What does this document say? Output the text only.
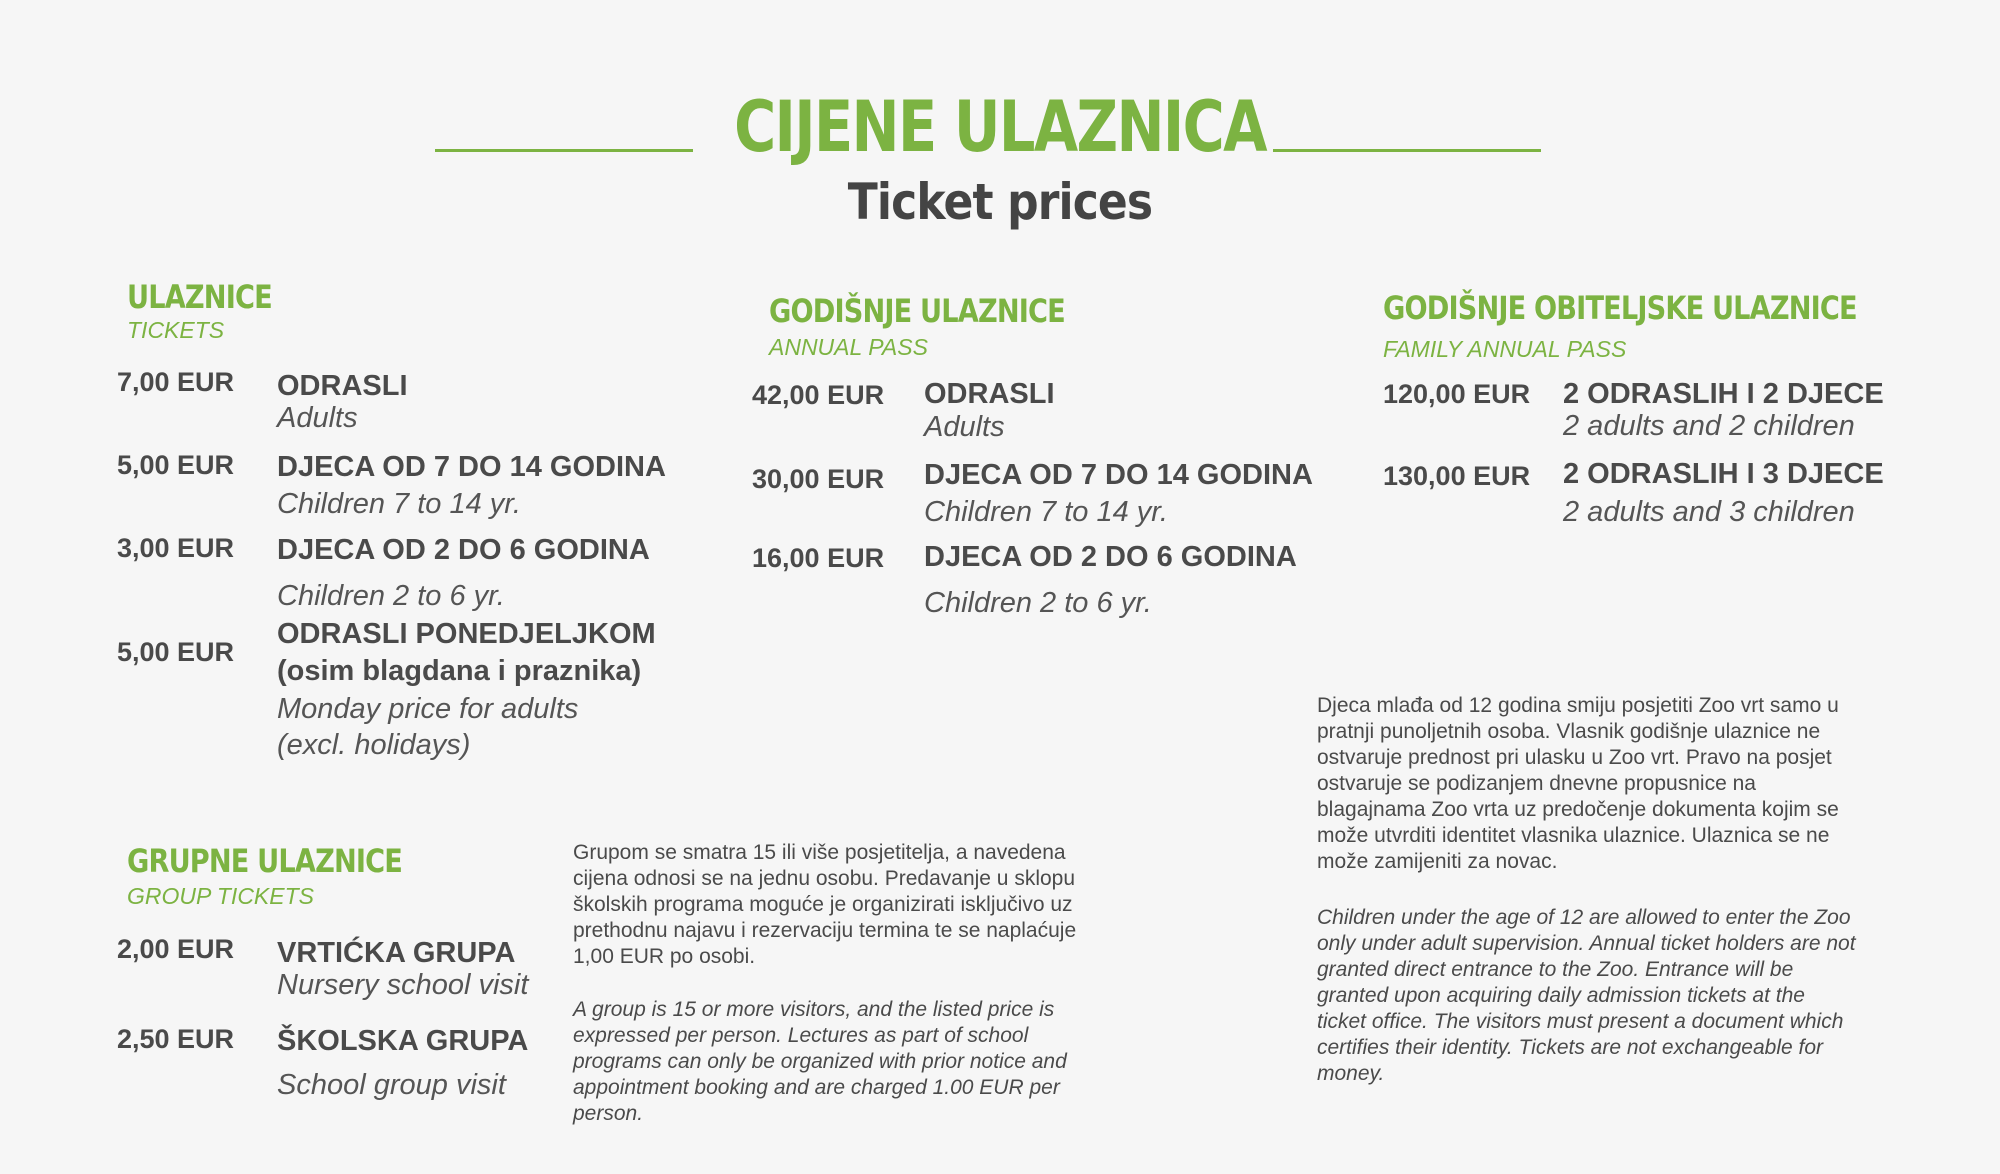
CIJENE ULAZNICA
Ticket prices
ULAZNICE
TICKETS
7,00 EUR ODRASLI
Adults
5,00 EUR DJECA OD 7 DO 14 GODINA
Children 7 to 14 yr.
3,00 EUR DJECA OD 2 DO 6 GODINA
Children 2 to 6 yr.
5,00 EUR
ODRASLI PONEDJELJKOM
(osim blagdana i praznika)
Monday price for adults
(excl. holidays)
GODIŠNJE ULAZNICE
ANNUAL PASS
42,00 EUR ODRASLI
Adults
30,00 EUR DJECA OD 7 DO 14 GODINA
Children 7 to 14 yr.
16,00 EUR DJECA OD 2 DO 6 GODINA
Children 2 to 6 yr.
GODIŠNJE OBITELJSKE ULAZNICE
FAMILY ANNUAL PASS
120,00 EUR 2 ODRASLIH I 2 DJECE
2 adults and 2 children
130,00 EUR 2 ODRASLIH I 3 DJECE
2 adults and 3 children
GRUPNE ULAZNICE
GROUP TICKETS
2,00 EUR VRTIĆKA GRUPA
Nursery school visit
2,50 EUR ŠKOLSKA GRUPA
School group visit
Grupom se smatra 15 ili više posjetitelja, a navedena cijena odnosi se na jednu osobu. Predavanje u sklopu školskih programa moguće je organizirati isključivo uz prethodnu najavu i rezervaciju termina te se naplaćuje 1,00 EUR po osobi.
A group is 15 or more visitors, and the listed price is expressed per person. Lectures as part of school programs can only be organized with prior notice and appointment booking and are charged 1.00 EUR per person.
Djeca mlađa od 12 godina smiju posjetiti Zoo vrt samo u pratnji punoljetnih osoba. Vlasnik godišnje ulaznice ne ostvaruje prednost pri ulasku u Zoo vrt. Pravo na posjet ostvaruje se podizanjem dnevne propusnice na blagajnama Zoo vrta uz predočenje dokumenta kojim se može utvrditi identitet vlasnika ulaznice. Ulaznica se ne može zamijeniti za novac.
Children under the age of 12 are allowed to enter the Zoo only under adult supervision. Annual ticket holders are not granted direct entrance to the Zoo. Entrance will be granted upon acquiring daily admission tickets at the ticket office. The visitors must present a document which certifies their identity. Tickets are not exchangeable for money.
